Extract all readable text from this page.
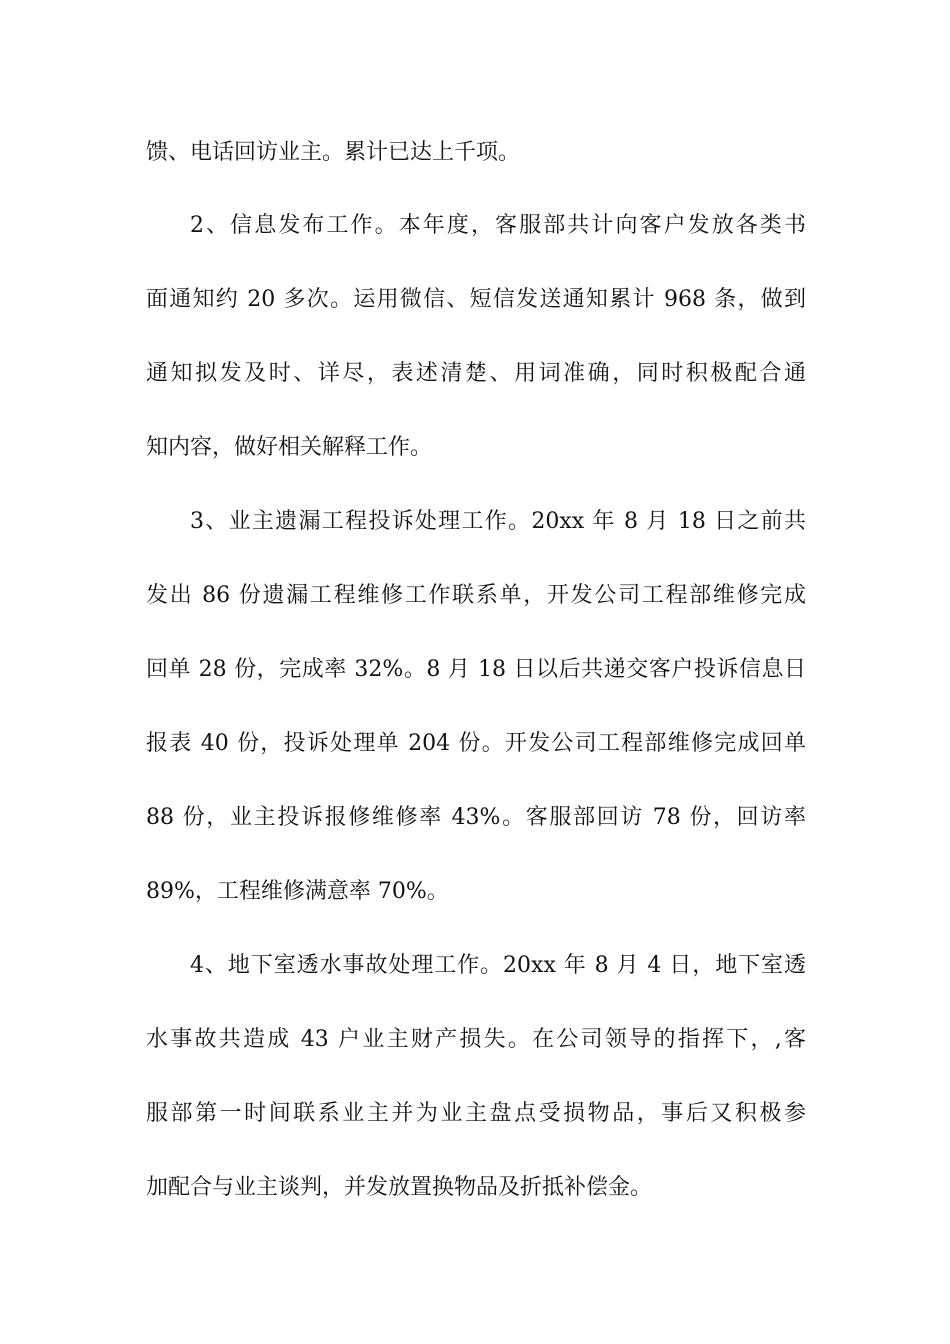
馈、电话回访业主。累计已达上千项。
2、信息发布工作。本年度，客服部共计向客户发放各类书
面通知约 20 多次。运用微信、短信发送通知累计 968 条，做到
通知拟发及时、详尽，表述清楚、用词准确，同时积极配合通
知内容，做好相关解释工作。
3、业主遗漏工程投诉处理工作。20xx 年 8 月 18 日之前共
发出 86 份遗漏工程维修工作联系单，开发公司工程部维修完成
回单 28 份，完成率 32%。8 月 18 日以后共递交客户投诉信息日
报表 40 份，投诉处理单 204 份。开发公司工程部维修完成回单
88 份，业主投诉报修维修率 43%。客服部回访 78 份，回访率
89%，工程维修满意率 70%。
4、地下室透水事故处理工作。20xx 年 8 月 4 日，地下室透
水事故共造成 43 户业主财产损失。在公司领导的指挥下，,客
服部第一时间联系业主并为业主盘点受损物品，事后又积极参
加配合与业主谈判，并发放置换物品及折抵补偿金。
